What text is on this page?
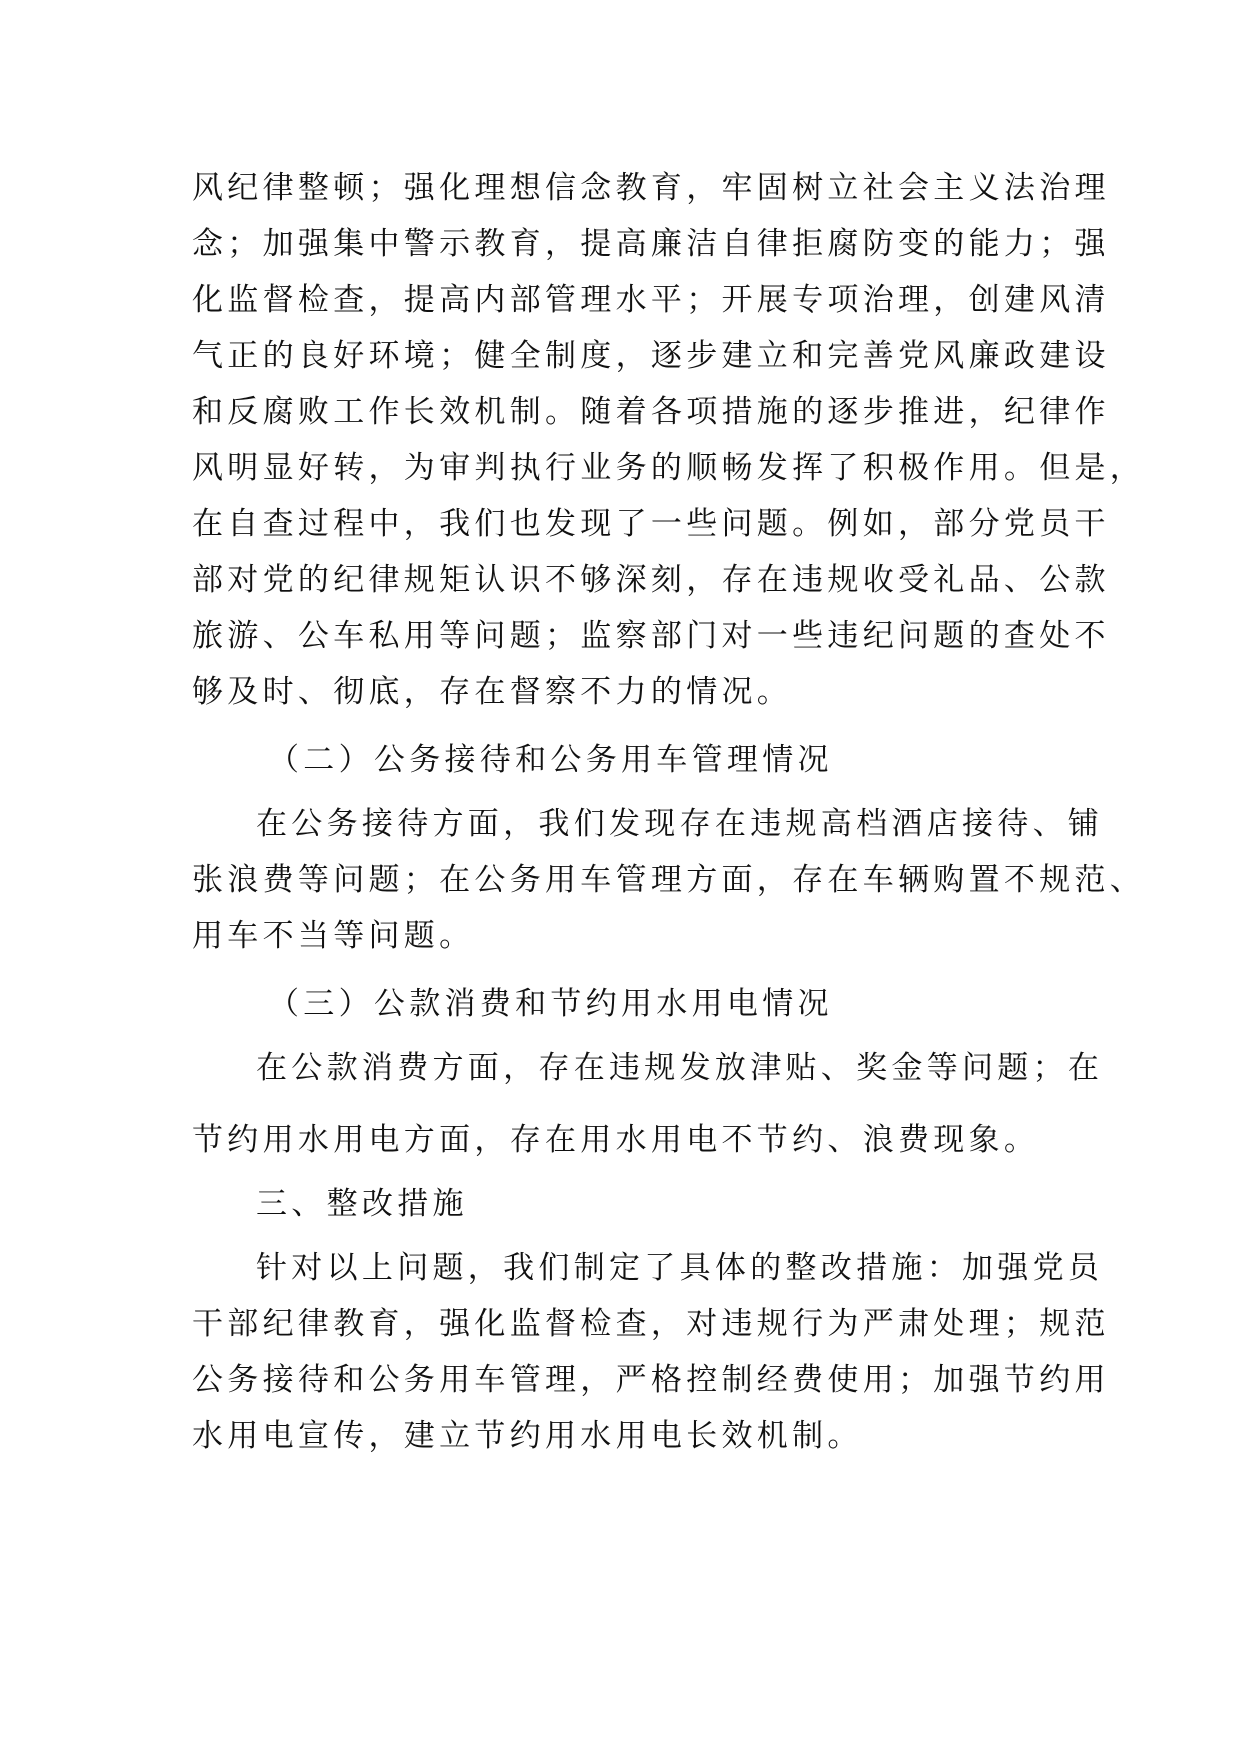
风纪律整顿；强化理想信念教育，牢固树立社会主义法治理
念；加强集中警示教育，提高廉洁自律拒腐防变的能力；强
化监督检查，提高内部管理水平；开展专项治理，创建风清
气正的良好环境；健全制度，逐步建立和完善党风廉政建设
和反腐败工作长效机制。随着各项措施的逐步推进，纪律作
风明显好转，为审判执行业务的顺畅发挥了积极作用。但是，
在自查过程中，我们也发现了一些问题。例如，部分党员干
部对党的纪律规矩认识不够深刻，存在违规收受礼品、公款
旅游、公车私用等问题；监察部门对一些违纪问题的查处不
够及时、彻底，存在督察不力的情况。
（二）公务接待和公务用车管理情况
在公务接待方面，我们发现存在违规高档酒店接待、铺
张浪费等问题；在公务用车管理方面，存在车辆购置不规范、
用车不当等问题。
（三）公款消费和节约用水用电情况
在公款消费方面，存在违规发放津贴、奖金等问题；在
节约用水用电方面，存在用水用电不节约、浪费现象。
三、整改措施
针对以上问题，我们制定了具体的整改措施：加强党员
干部纪律教育，强化监督检查，对违规行为严肃处理；规范
公务接待和公务用车管理，严格控制经费使用；加强节约用
水用电宣传，建立节约用水用电长效机制。
